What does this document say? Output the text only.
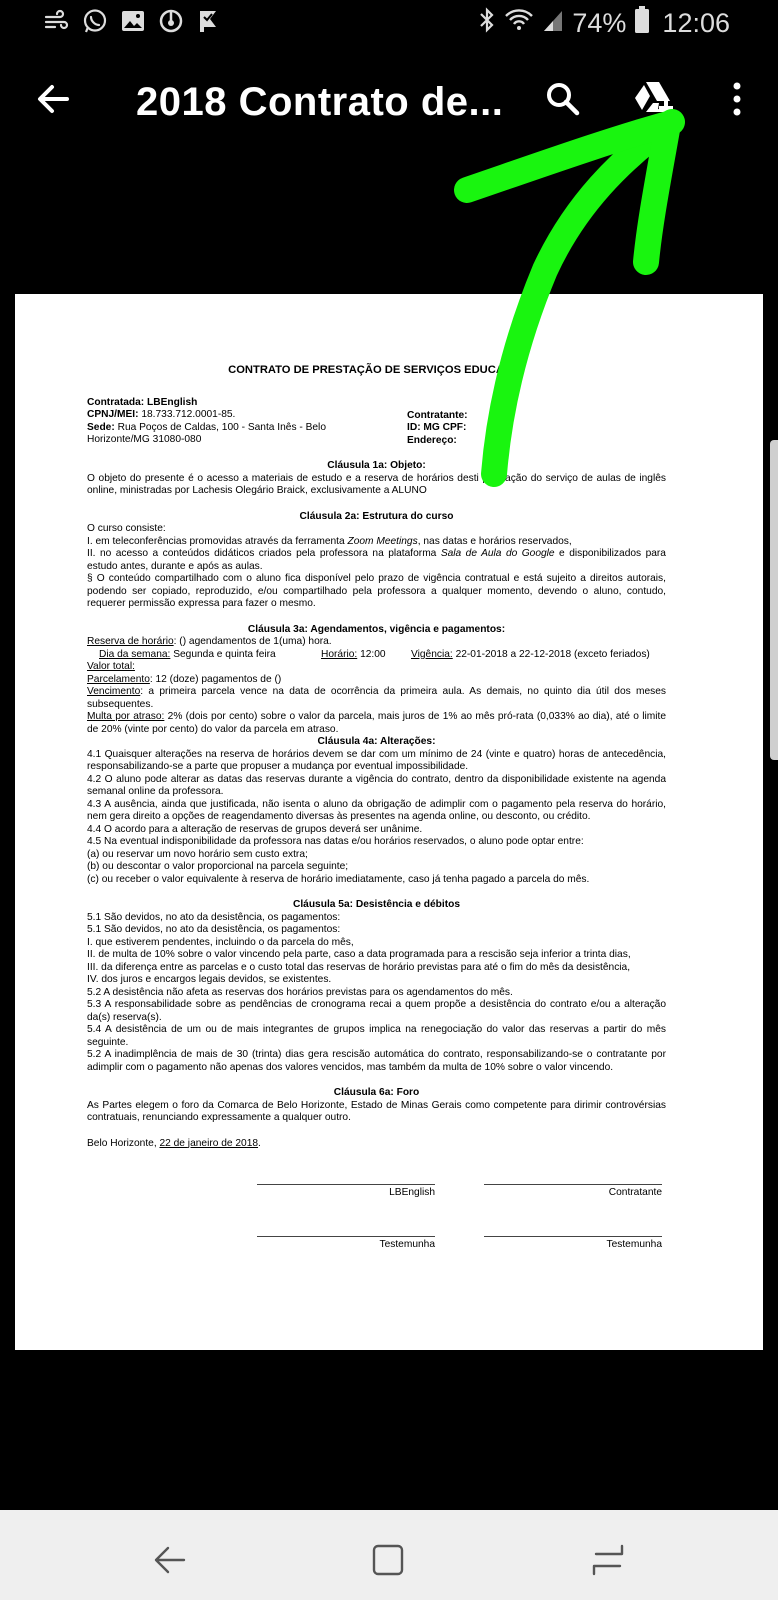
74% 12:06
2018 Contrato de...

CONTRATO DE PRESTAÇÃO DE SERVIÇOS EDUCA AIS

Contratada: LBEnglish

CPNJ/MEI: 18.733.712.0001-85.

Sede: Rua Poços de Caldas, 100 - Santa Inês - Belo Horizonte/MG 31080-080

Contratante:

ID: MG CPF:

Endereço:

Cláusula 1a: Objeto:

O objeto do presente é o acesso a materiais de estudo e a reserva de horários desti prestação do serviço de aulas de inglês online, ministradas por Lachesis Olegário Braick, exclusivamente a ALUNO

Cláusula 2a: Estrutura do curso

O curso consiste:

I. em teleconferências promovidas através da ferramenta Zoom Meetings, nas datas e horários reservados,

II. no acesso a conteúdos didáticos criados pela professora na plataforma Sala de Aula do Google e disponibilizados para estudo antes, durante e após as aulas.

§ O conteúdo compartilhado com o aluno fica disponível pelo prazo de vigência contratual e está sujeito a direitos autorais, podendo ser copiado, reproduzido, e/ou compartilhado pela professora a qualquer momento, devendo o aluno, contudo, requerer permissão expressa para fazer o mesmo.

Cláusula 3a: Agendamentos, vigência e pagamentos:

Reserva de horário: () agendamentos de 1(uma) hora.

Dia da semana: Segunda e quinta feira	Horário: 12:00	Vigência: 22-01-2018 a 22-12-2018 (exceto feriados)

Valor total:

Parcelamento: 12 (doze) pagamentos de ()

Vencimento: a primeira parcela vence na data de ocorrência da primeira aula. As demais, no quinto dia útil dos meses subsequentes.

Multa por atraso: 2% (dois por cento) sobre o valor da parcela, mais juros de 1% ao mês pró-rata (0,033% ao dia), até o limite de 20% (vinte por cento) do valor da parcela em atraso.

Cláusula 4a: Alterações:

4.1 Quaisquer alterações na reserva de horários devem se dar com um mínimo de 24 (vinte e quatro) horas de antecedência, responsabilizando-se a parte que propuser a mudança por eventual impossibilidade.

4.2 O aluno pode alterar as datas das reservas durante a vigência do contrato, dentro da disponibilidade existente na agenda semanal online da professora.

4.3 A ausência, ainda que justificada, não isenta o aluno da obrigação de adimplir com o pagamento pela reserva do horário, nem gera direito a opções de reagendamento diversas às presentes na agenda online, ou desconto, ou crédito.

4.4 O acordo para a alteração de reservas de grupos deverá ser unânime.

4.5 Na eventual indisponibilidade da professora nas datas e/ou horários reservados, o aluno pode optar entre:

(a) ou reservar um novo horário sem custo extra;

(b) ou descontar o valor proporcional na parcela seguinte;

(c) ou receber o valor equivalente à reserva de horário imediatamente, caso já tenha pagado a parcela do mês.

Cláusula 5a: Desistência e débitos

5.1 São devidos, no ato da desistência, os pagamentos:

5.1 São devidos, no ato da desistência, os pagamentos:

I. que estiverem pendentes, incluindo o da parcela do mês,

II. de multa de 10% sobre o valor vincendo pela parte, caso a data programada para a rescisão seja inferior a trinta dias,

III. da diferença entre as parcelas e o custo total das reservas de horário previstas para até o fim do mês da desistência,

IV. dos juros e encargos legais devidos, se existentes.

5.2 A desistência não afeta as reservas dos horários previstas para os agendamentos do mês.

5.3 A responsabilidade sobre as pendências de cronograma recai a quem propõe a desistência do contrato e/ou a alteração da(s) reserva(s).

5.4 A desistência de um ou de mais integrantes de grupos implica na renegociação do valor das reservas a partir do mês seguinte.

5.2 A inadimplência de mais de 30 (trinta) dias gera rescisão automática do contrato, responsabilizando-se o contratante por adimplir com o pagamento não apenas dos valores vencidos, mas também da multa de 10% sobre o valor vincendo.

Cláusula 6a: Foro

As Partes elegem o foro da Comarca de Belo Horizonte, Estado de Minas Gerais como competente para dirimir controvérsias contratuais, renunciando expressamente a qualquer outro.

Belo Horizonte, 22 de janeiro de 2018.

LBEnglish	Contratante
Testemunha	Testemunha
